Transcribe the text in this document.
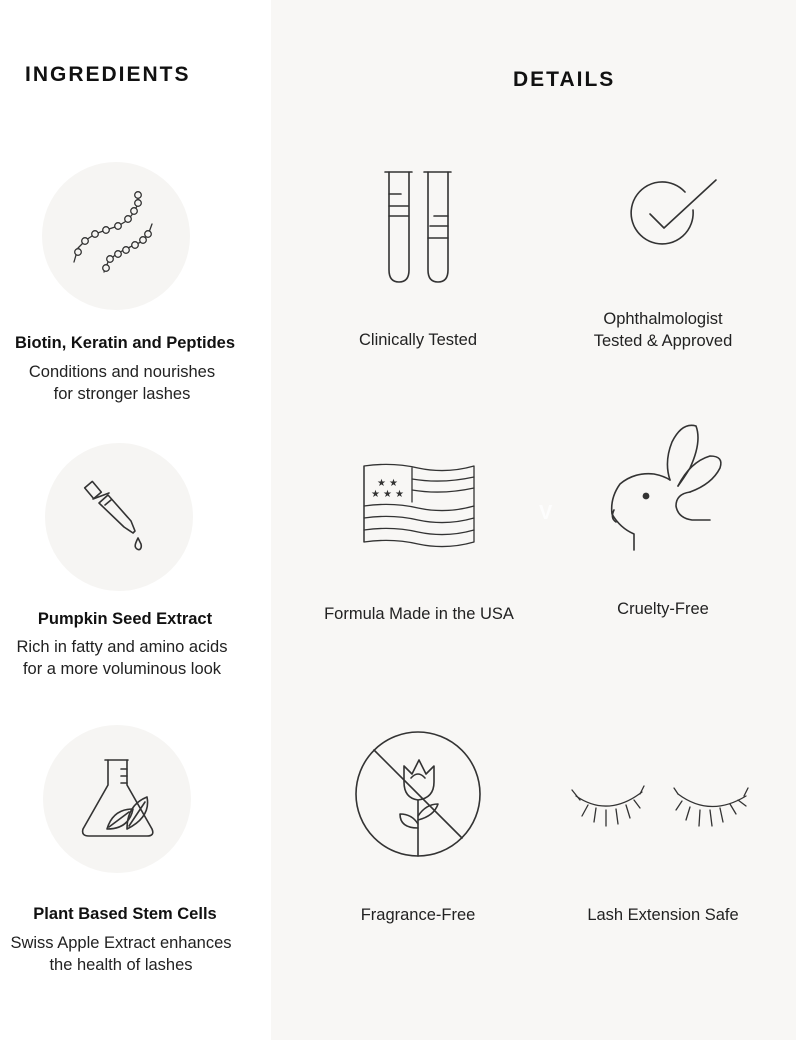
INGREDIENTS	DETAILS
Biotin, Keratin and Peptides
Conditions and nourishes
for stronger lashes
Pumpkin Seed Extract
Rich in fatty and amino acids
for a more voluminous look
Plant Based Stem Cells
Swiss Apple Extract enhances
the health of lashes
Clinically Tested
Ophthalmologist
Tested & Approved
★ ★
★ ★ ★
Formula Made in the USA
V
Cruelty-Free
Fragrance-Free	Lash Extension Safe
